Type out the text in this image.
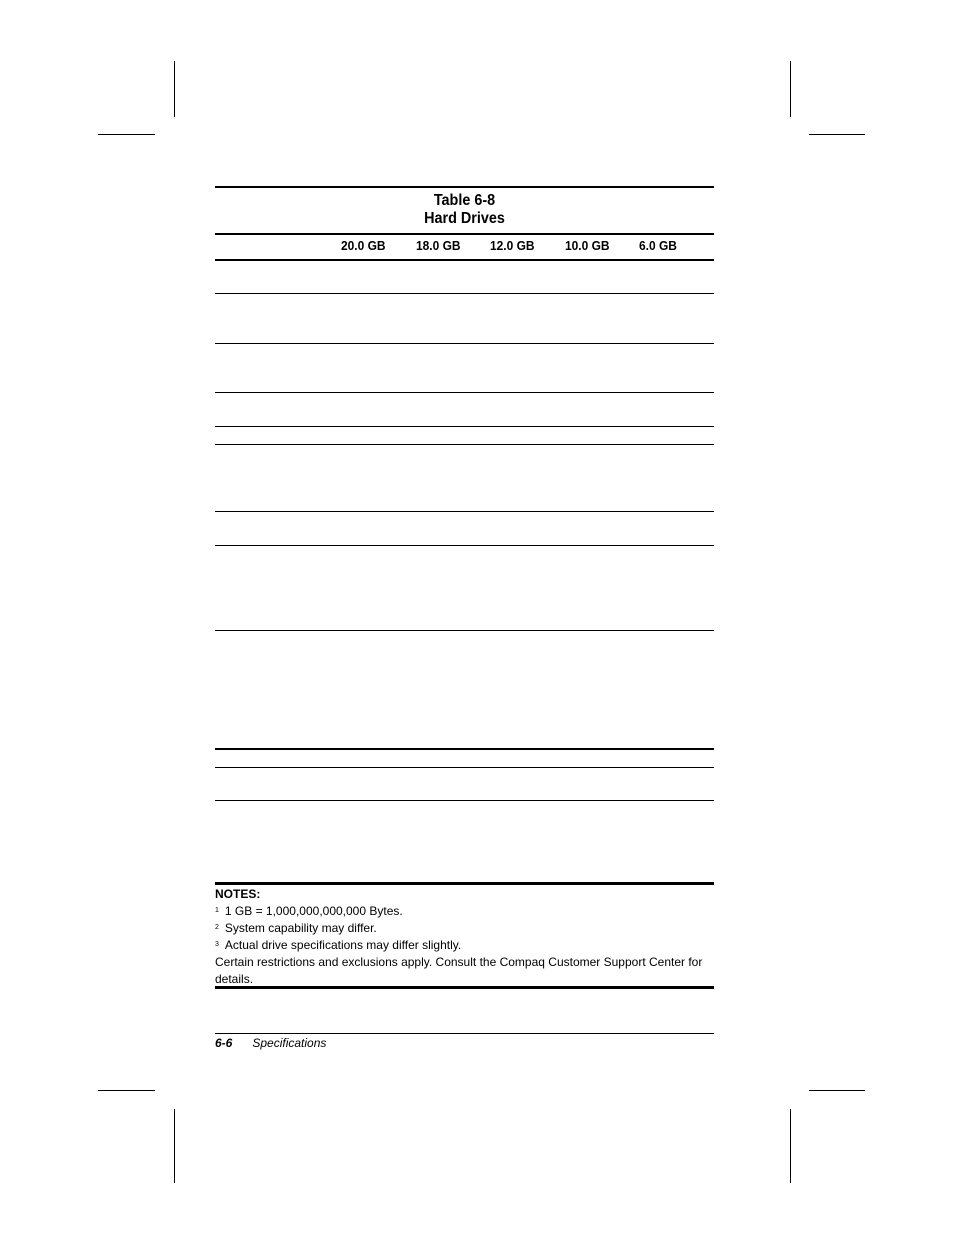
Table 6-8
Hard Drives
20.0 GB 18.0 GB 12.0 GB 10.0 GB 6.0 GB
NOTES:
$^1$ 1 GB = 1,000,000,000,000 Bytes.
$^2$ System capability may differ.
$^3$ Actual drive specifications may differ slightly.
Certain restrictions and exclusions apply. Consult the Compaq Customer Support Center for details.
6-6 Specifications
